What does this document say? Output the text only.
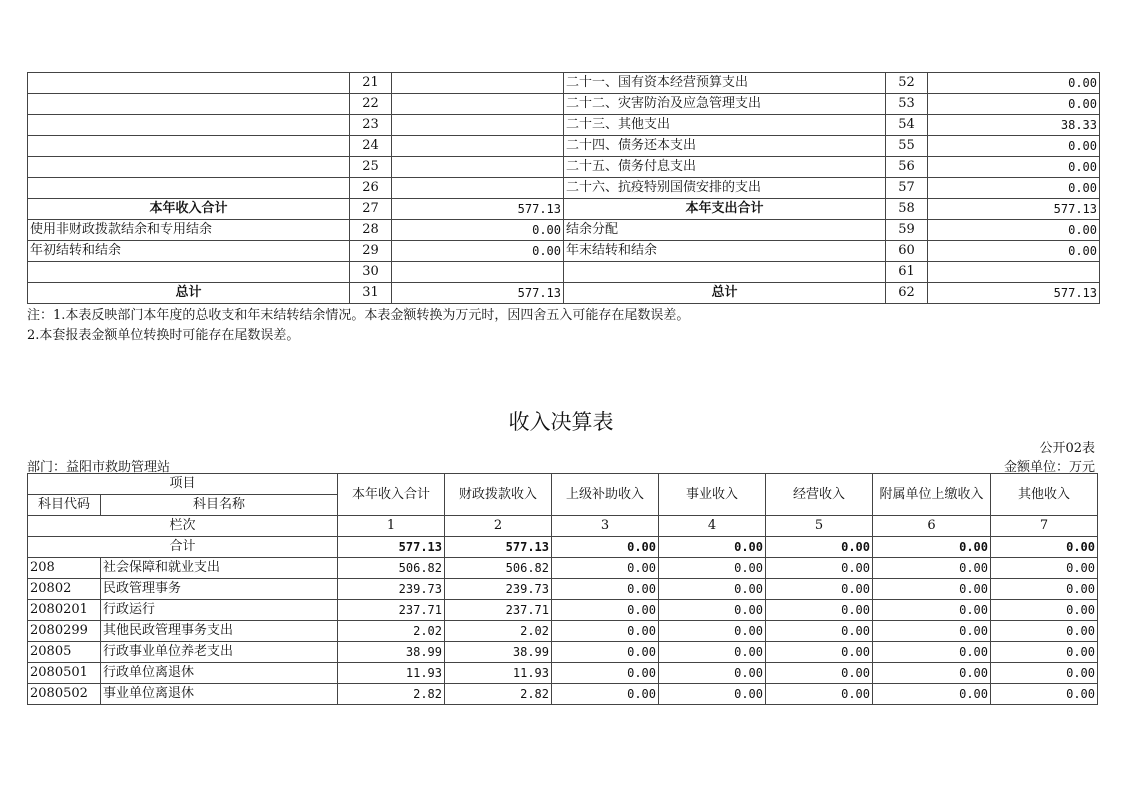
	21		二十一、国有资本经营预算支出	52	0.00
	22		二十二、灾害防治及应急管理支出	53	0.00
	23		二十三、其他支出	54	38.33
	24		二十四、债务还本支出	55	0.00
	25		二十五、债务付息支出	56	0.00
	26		二十六、抗疫特别国债安排的支出	57	0.00
本年收入合计	27	577.13	本年支出合计	58	577.13
使用非财政拨款结余和专用结余	28	0.00	结余分配	59	0.00
年初结转和结余	29	0.00	年末结转和结余	60	0.00
	30			61	
总计	31	577.13	总计	62	577.13
注：1.本表反映部门本年度的总收支和年末结转结余情况。本表金额转换为万元时，因四舍五入可能存在尾数误差。
2.本套报表金额单位转换时可能存在尾数误差。
收入决算表
公开02表
部门：益阳市救助管理站	金额单位：万元
项目		本年收入合计	财政拨款收入	上级补助收入	事业收入	经营收入	附属单位上缴收入	其他收入
科目代码	科目名称							
栏次		1	2	3	4	5	6	7
合计		577.13	577.13	0.00	0.00	0.00	0.00	0.00
208	社会保障和就业支出	506.82	506.82	0.00	0.00	0.00	0.00	0.00
20802	民政管理事务	239.73	239.73	0.00	0.00	0.00	0.00	0.00
2080201	行政运行	237.71	237.71	0.00	0.00	0.00	0.00	0.00
2080299	其他民政管理事务支出	2.02	2.02	0.00	0.00	0.00	0.00	0.00
20805	行政事业单位养老支出	38.99	38.99	0.00	0.00	0.00	0.00	0.00
2080501	行政单位离退休	11.93	11.93	0.00	0.00	0.00	0.00	0.00
2080502	事业单位离退休	2.82	2.82	0.00	0.00	0.00	0.00	0.00
